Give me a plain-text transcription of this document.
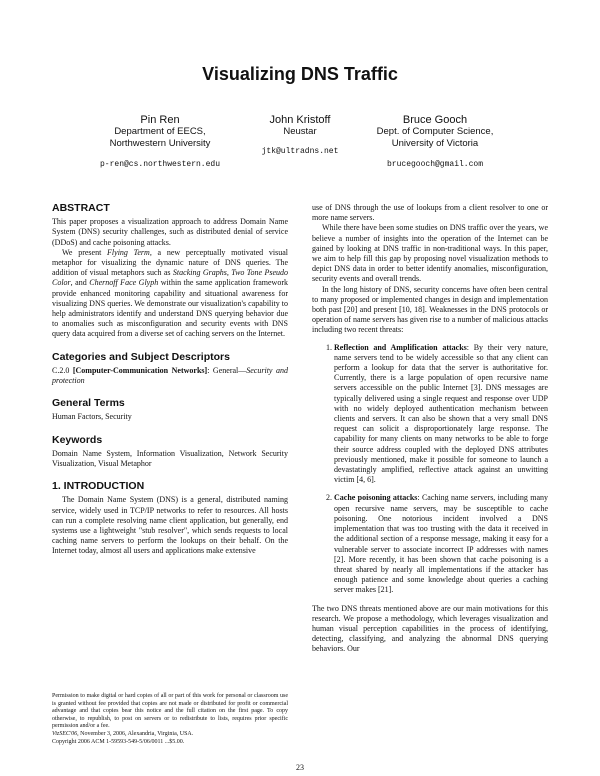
Visualizing DNS Traffic
Pin Ren
Department of EECS,
Northwestern University
p-ren@cs.northwestern.edu
John Kristoff
Neustar
jtk@ultradns.net
Bruce Gooch
Dept. of Computer Science,
University of Victoria
brucegooch@gmail.com
ABSTRACT

This paper proposes a visualization approach to address Domain Name System (DNS) security challenges, such as distributed denial of service (DDoS) and cache poisoning attacks.

We present Flying Term, a new perceptually motivated visual metaphor for visualizing the dynamic nature of DNS queries. The addition of visual metaphors such as Stacking Graphs, Two Tone Pseudo Color, and Chernoff Face Glyph within the same application framework provide enhanced monitoring capability and situational awareness for visualizing DNS queries. We demonstrate our visualization's capability to help administrators identify and understand DNS querying behavior due to anomalies such as misconfiguration and security events with DNS query data acquired from a diverse set of caching servers on the Internet.

Categories and Subject Descriptors

C.2.0 [Computer-Communication Networks]: General—Security and protection

General Terms

Human Factors, Security

Keywords

Domain Name System, Information Visualization, Network Security Visualization, Visual Metaphor

1. INTRODUCTION

The Domain Name System (DNS) is a general, distributed naming service, widely used in TCP/IP networks to refer to resources. All hosts can run a complete resolving name client application, but generally, end systems use a lightweight "stub resolver", which sends requests to local caching name servers to perform the lookups on their behalf. On the Internet today, almost all users and applications make extensive

Permission to make digital or hard copies of all or part of this work for personal or classroom use is granted without fee provided that copies are not made or distributed for profit or commercial advantage and that copies bear this notice and the full citation on the first page. To copy otherwise, to republish, to post on servers or to redistribute to lists, requires prior specific permission and/or a fee.

VizSEC'06, November 3, 2006, Alexandria, Virginia, USA.

Copyright 2006 ACM 1-59593-549-5/06/0011 ...$5.00.

use of DNS through the use of lookups from a client resolver to one or more name servers.

While there have been some studies on DNS traffic over the years, we believe a number of insights into the operation of the Internet can be gained by looking at DNS traffic in non-traditional ways. In this paper, we aim to help fill this gap by proposing novel visualization methods to depict DNS data in order to better identify anomalies, misconfiguration, security events and overall trends.

In the long history of DNS, security concerns have often been central to many proposed or implemented changes in design and implementation both past [20] and present [10, 18]. Weaknesses in the DNS protocols or operation of name servers has given rise to a number of malicious attacks including two recent threats:

1. Reflection and Amplification attacks: By their very nature, name servers tend to be widely accessible so that any client can perform a lookup for data that the server is authoritative for. Currently, there is a large population of open recursive name servers accessible on the public Internet [3]. DNS messages are typically delivered using a single request and response over UDP with no widely deployed authentication mechanism between clients and servers. It can also be shown that a very small DNS request can solicit a disproportionately large response. The capability for many clients on many networks to be able to forge their source address coupled with the deployed DNS attributes previously mentioned, make it possible for someone to launch a devastatingly amplified, reflective attack against an unwitting victim [4, 6].
2. Cache poisoning attacks: Caching name servers, including many open recursive name servers, may be susceptible to cache poisoning. One notorious incident involved a DNS implementation that was too trusting with the data it received in the additional section of a response message, making it easy for a vulnerable server to associate incorrect IP addresses with names [2]. More recently, it has been shown that cache poisoning is a threat shared by nearly all implementations if the attacker has enough patience and some knowledge about queries a caching server makes [21].

The two DNS threats mentioned above are our main motivations for this research. We propose a methodology, which leverages visualization and human visual perception capabilities in the process of identifying, detecting, classifying, and analyzing the abnormal DNS querying behaviors. Our

23
